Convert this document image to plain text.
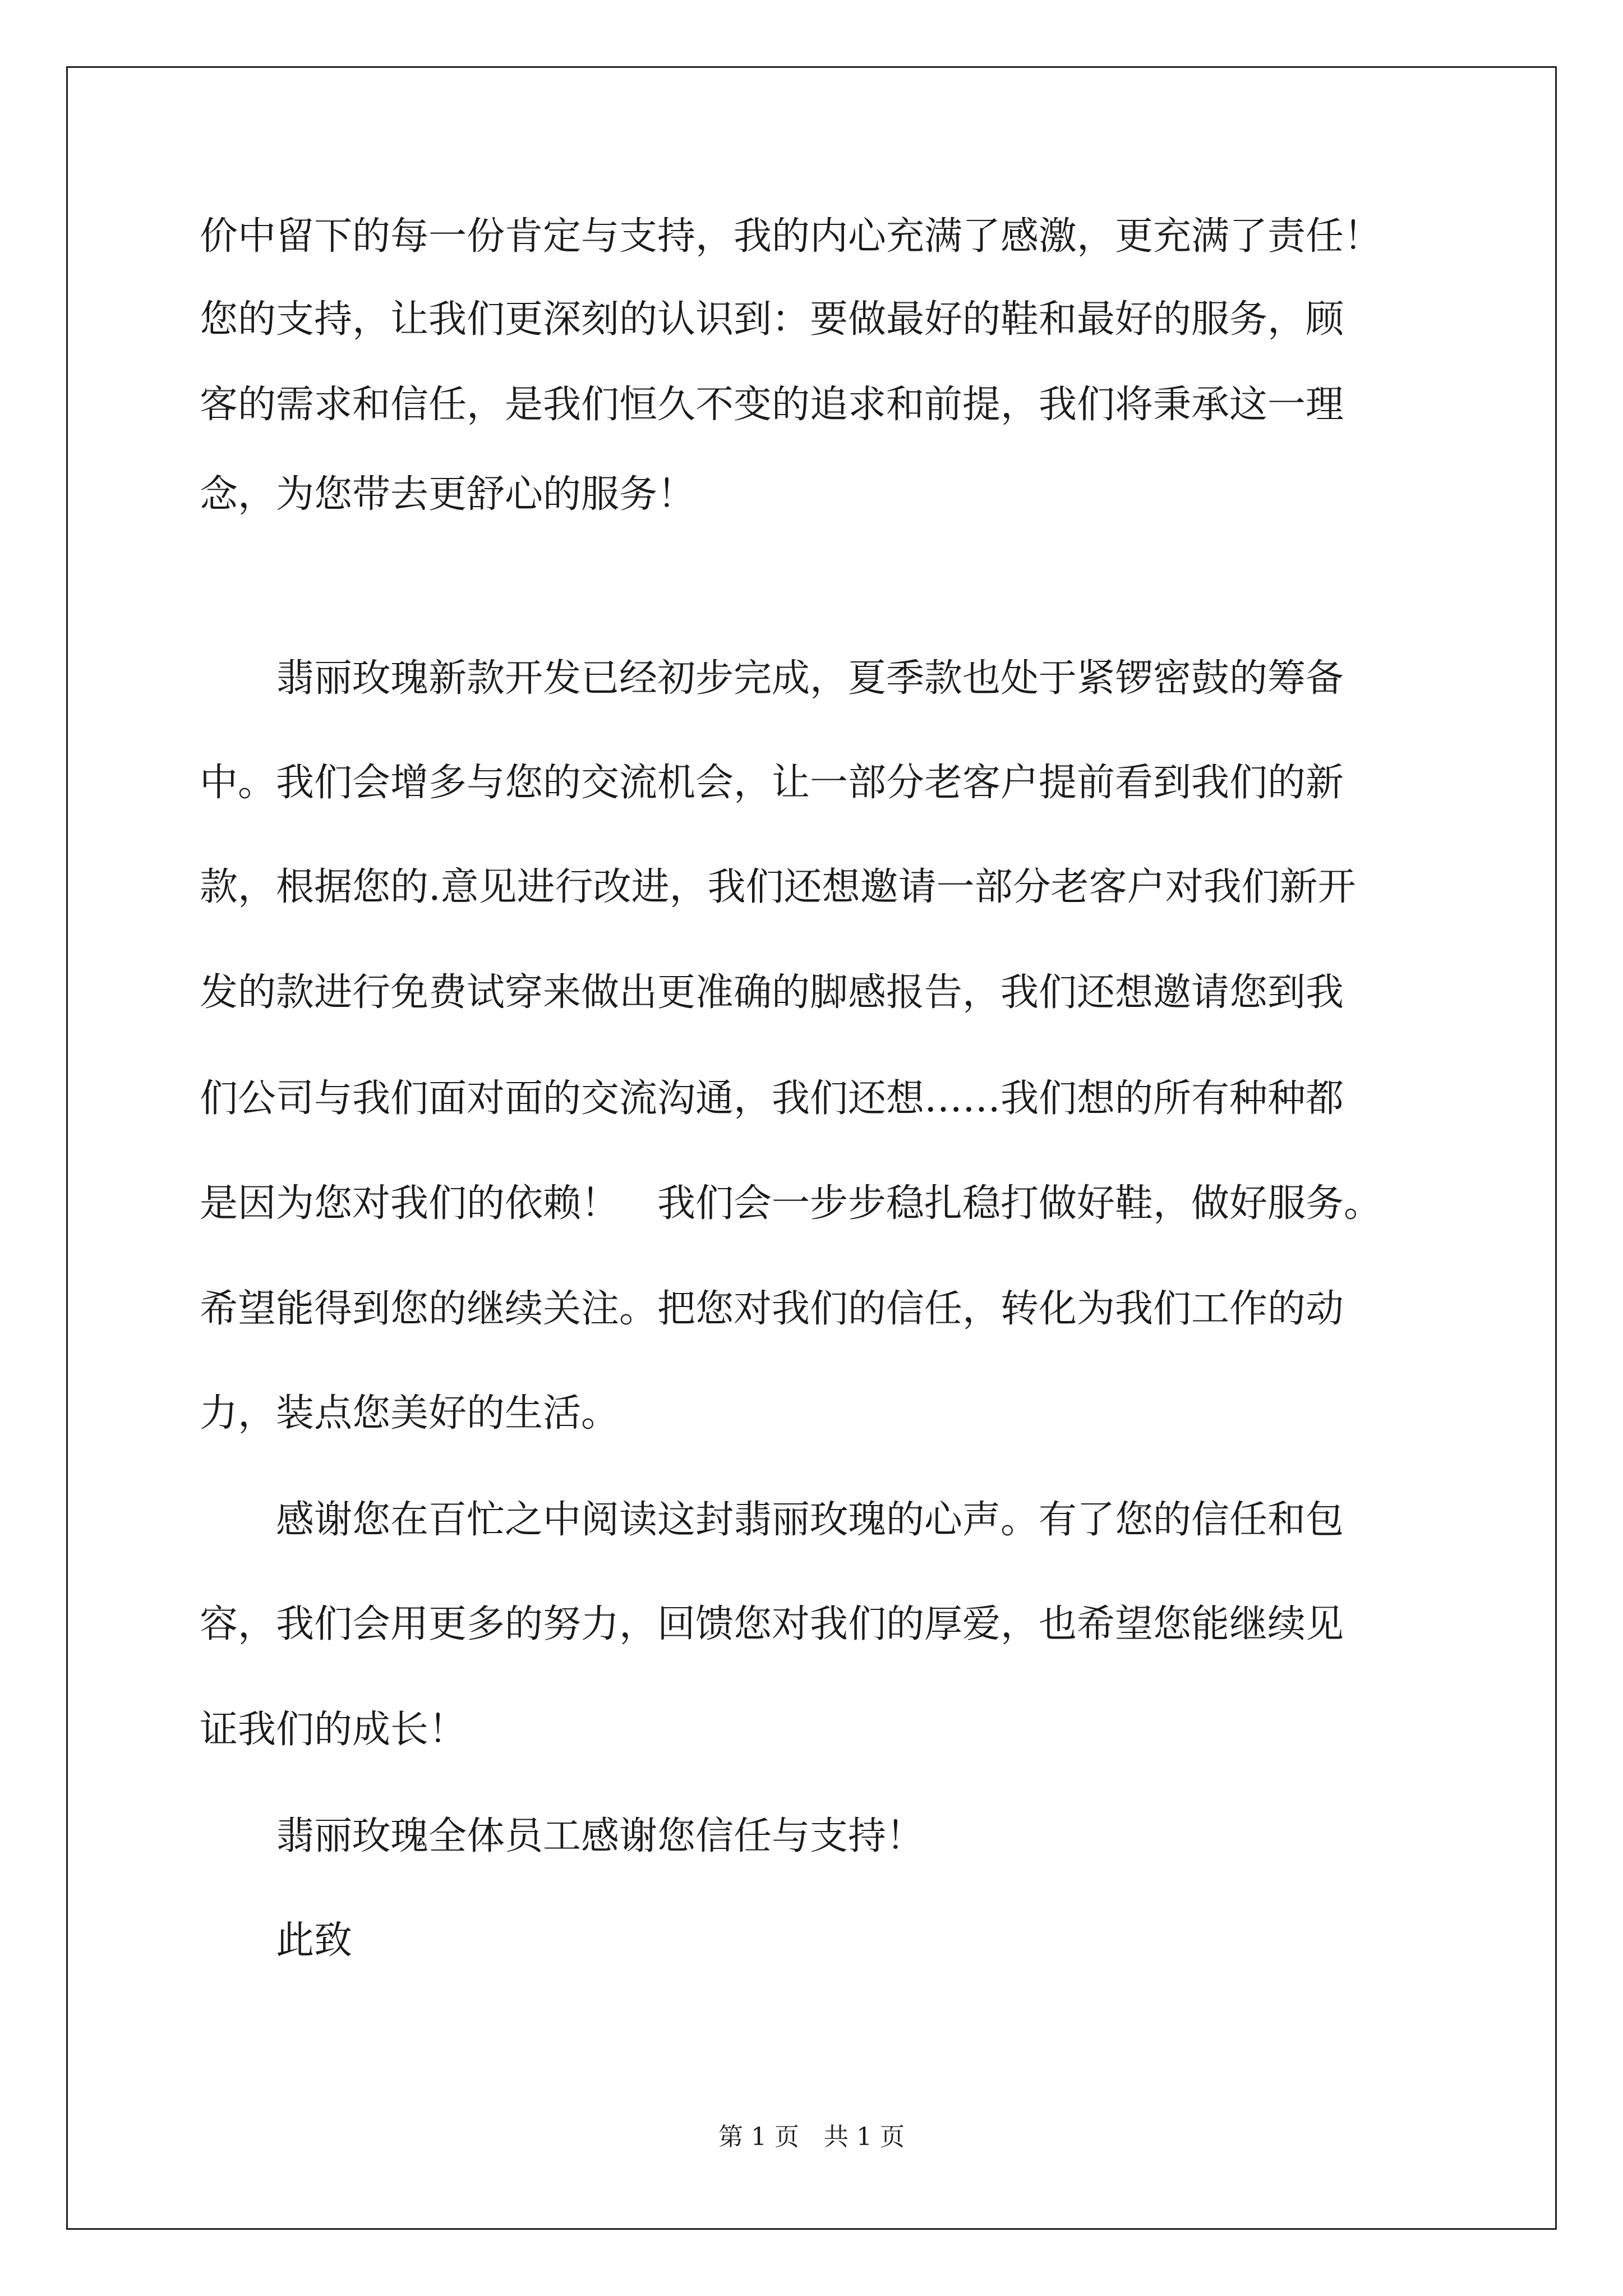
价中留下的每一份肯定与支持，我的内心充满了感激，更充满了责任！
您的支持，让我们更深刻的认识到：要做最好的鞋和最好的服务，顾
客的需求和信任，是我们恒久不变的追求和前提，我们将秉承这一理
念，为您带去更舒心的服务！
　　翡丽玫瑰新款开发已经初步完成，夏季款也处于紧锣密鼓的筹备
中。我们会增多与您的交流机会，让一部分老客户提前看到我们的新
款，根据您的.意见进行改进，我们还想邀请一部分老客户对我们新开
发的款进行免费试穿来做出更准确的脚感报告，我们还想邀请您到我
们公司与我们面对面的交流沟通，我们还想……我们想的所有种种都
是因为您对我们的依赖！　我们会一步步稳扎稳打做好鞋，做好服务。
希望能得到您的继续关注。把您对我们的信任，转化为我们工作的动
力，装点您美好的生活。
　　感谢您在百忙之中阅读这封翡丽玫瑰的心声。有了您的信任和包
容，我们会用更多的努力，回馈您对我们的厚爱，也希望您能继续见
证我们的成长！
　　翡丽玫瑰全体员工感谢您信任与支持！
　　此致
第 1 页　共 1 页
